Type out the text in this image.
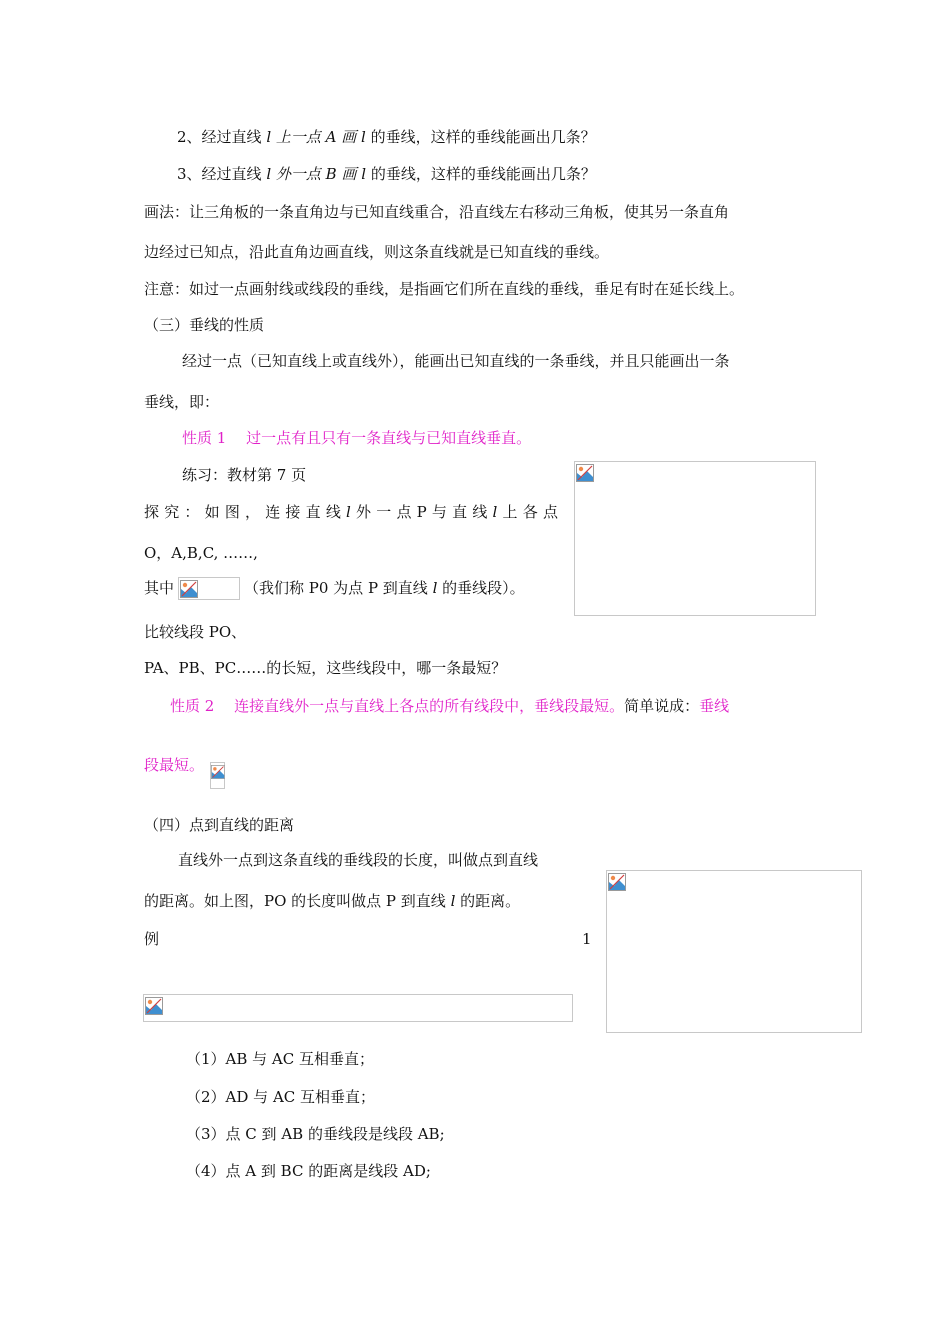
2、经过直线 l 上一点 A 画 l 的垂线，这样的垂线能画出几条？
3、经过直线 l 外一点 B 画 l 的垂线，这样的垂线能画出几条？
画法：让三角板的一条直角边与已知直线重合，沿直线左右移动三角板，使其另一条直角
边经过已知点，沿此直角边画直线，则这条直线就是已知直线的垂线。
注意：如过一点画射线或线段的垂线，是指画它们所在直线的垂线，垂足有时在延长线上。
（三）垂线的性质
经过一点（已知直线上或直线外），能画出已知直线的一条垂线，并且只能画出一条
垂线，即：
性质 1　 过一点有且只有一条直线与已知直线垂直。
练习：教材第 7 页
探 究 ： 如 图 ， 连 接 直 线 l 外 一 点 P 与 直 线 l 上 各 点
O，A,B,C, ……,
其中	（我们称 P0 为点 P 到直线 l 的垂线段）。
比较线段 PO、
PA、PB、PC……的长短，这些线段中，哪一条最短？
性质 2　 连接直线外一点与直线上各点的所有线段中，垂线段最短。简单说成：垂线
段最短。
（四）点到直线的距离
直线外一点到这条直线的垂线段的长度，叫做点到直线
的距离。如上图，PO 的长度叫做点 P 到直线 l 的距离。
例	1
（1）AB 与 AC 互相垂直；
（2）AD 与 AC 互相垂直；
（3）点 C 到 AB 的垂线段是线段 AB;
（4）点 A 到 BC 的距离是线段 AD;
